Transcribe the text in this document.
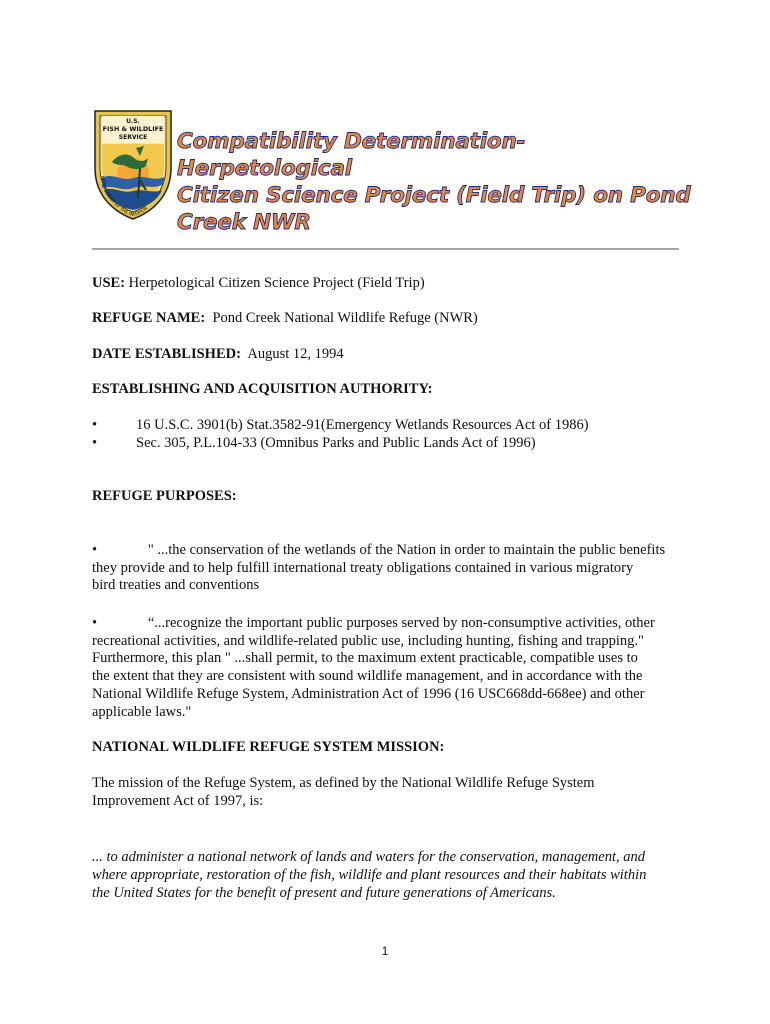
U.S.
FISH & WILDLIFE
SERVICE
DEPARTMENT OF THE INTERIOR
Compatibility Determination- Herpetological
Citizen Science Project (Field Trip) on Pond
Creek NWR
USE: Herpetological Citizen Science Project (Field Trip)
REFUGE NAME:  Pond Creek National Wildlife Refuge (NWR)
DATE ESTABLISHED:  August 12, 1994
ESTABLISHING AND ACQUISITION AUTHORITY:
•	16 U.S.C. 3901(b) Stat.3582-91(Emergency Wetlands Resources Act of 1986)
•	Sec. 305, P.L.104-33 (Omnibus Parks and Public Lands Act of 1996)
REFUGE PURPOSES:

•              " ...the conservation of the wetlands of the Nation in order to maintain the public benefits
they provide and to help fulfill international treaty obligations contained in various migratory
bird treaties and conventions

•              “...recognize the important public purposes served by non-consumptive activities, other
recreational activities, and wildlife-related public use, including hunting, fishing and trapping."
Furthermore, this plan " ...shall permit, to the maximum extent practicable, compatible uses to
the extent that they are consistent with sound wildlife management, and in accordance with the
National Wildlife Refuge System, Administration Act of 1996 (16 USC668dd-668ee) and other
applicable laws."

NATIONAL WILDLIFE REFUGE SYSTEM MISSION:
The mission of the Refuge System, as defined by the National Wildlife Refuge System
Improvement Act of 1997, is:
... to administer a national network of lands and waters for the conservation, management, and
where appropriate, restoration of the fish, wildlife and plant resources and their habitats within
the United States for the benefit of present and future generations of Americans.
1
